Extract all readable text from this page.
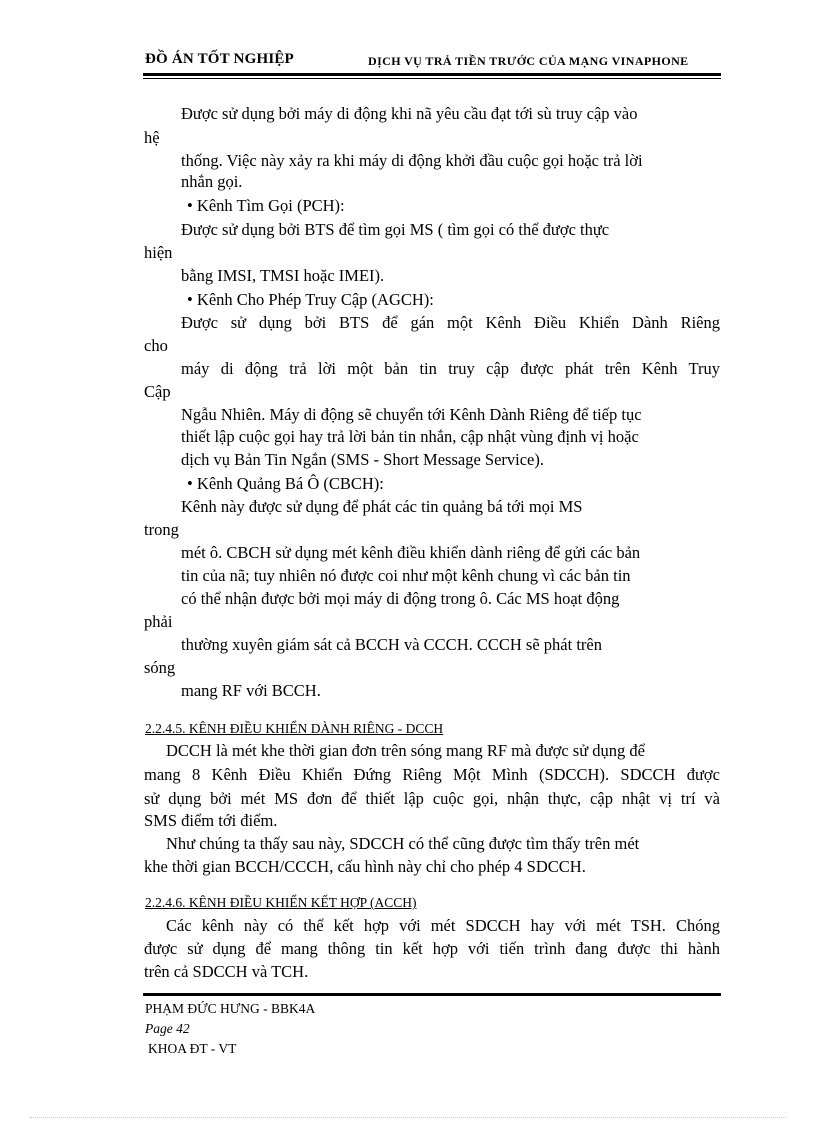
ĐỒ ÁN TỐT NGHIỆP	DỊCH VỤ TRẢ TIỀN TRƯỚC CỦA MẠNG VINAPHONE
Được sử dụng bởi máy di động khi nã yêu cầu đạt tới sù truy cập vào
hệ
thống. Việc này xảy ra khi máy di động khởi đầu cuộc gọi hoặc trả lời
nhắn gọi.
• Kênh Tìm Gọi (PCH):
Được sử dụng bởi BTS để tìm gọi MS ( tìm gọi có thể được thực
hiện
bằng IMSI, TMSI hoặc IMEI).
• Kênh Cho Phép Truy Cập (AGCH):
Được sử dụng bởi BTS để gán một Kênh Điều Khiển Dành Riêng
cho
máy di động trả lời một bản tin truy cập được phát trên Kênh Truy
Cập
Ngẫu Nhiên. Máy di động sẽ chuyển tới Kênh Dành Riêng để tiếp tục
thiết lập cuộc gọi hay trả lời bản tin nhắn, cập nhật vùng định vị hoặc
dịch vụ Bản Tin Ngắn (SMS - Short Message Service).
• Kênh Quảng Bá Ô (CBCH):
Kênh này được sử dụng để phát các tin quảng bá tới mọi MS
trong
mét ô. CBCH sử dụng mét kênh điều khiển dành riêng để gửi các bản
tin của nã; tuy nhiên nó được coi như một kênh chung vì các bản tin
có thể nhận được bởi mọi máy di động trong ô. Các MS hoạt động
phải
thường xuyên giám sát cả BCCH và CCCH. CCCH sẽ phát trên
sóng
mang RF với BCCH.
2.2.4.5. KÊNH ĐIỀU KHIỂN DÀNH RIÊNG - DCCH
DCCH là mét khe thời gian đơn trên sóng mang RF mà được sử dụng để
mang 8 Kênh Điều Khiển Đứng Riêng Một Mình (SDCCH). SDCCH được
sử dụng bởi mét MS đơn để thiết lập cuộc gọi, nhận thực, cập nhật vị trí và
SMS điểm tới điểm.
Như chúng ta thấy sau này, SDCCH có thể cũng được tìm thấy trên mét
khe thời gian BCCH/CCCH, cấu hình này chỉ cho phép 4 SDCCH.
2.2.4.6. KÊNH ĐIỀU KHIỂN KẾT HỢP (ACCH)
Các kênh này có thể kết hợp với mét SDCCH hay với mét TSH. Chóng
được sử dụng để mang thông tin kết hợp với tiến trình đang được thi hành
trên cả SDCCH và TCH.
PHẠM ĐỨC HƯNG - BBK4A
Page 42
KHOA ĐT - VT
